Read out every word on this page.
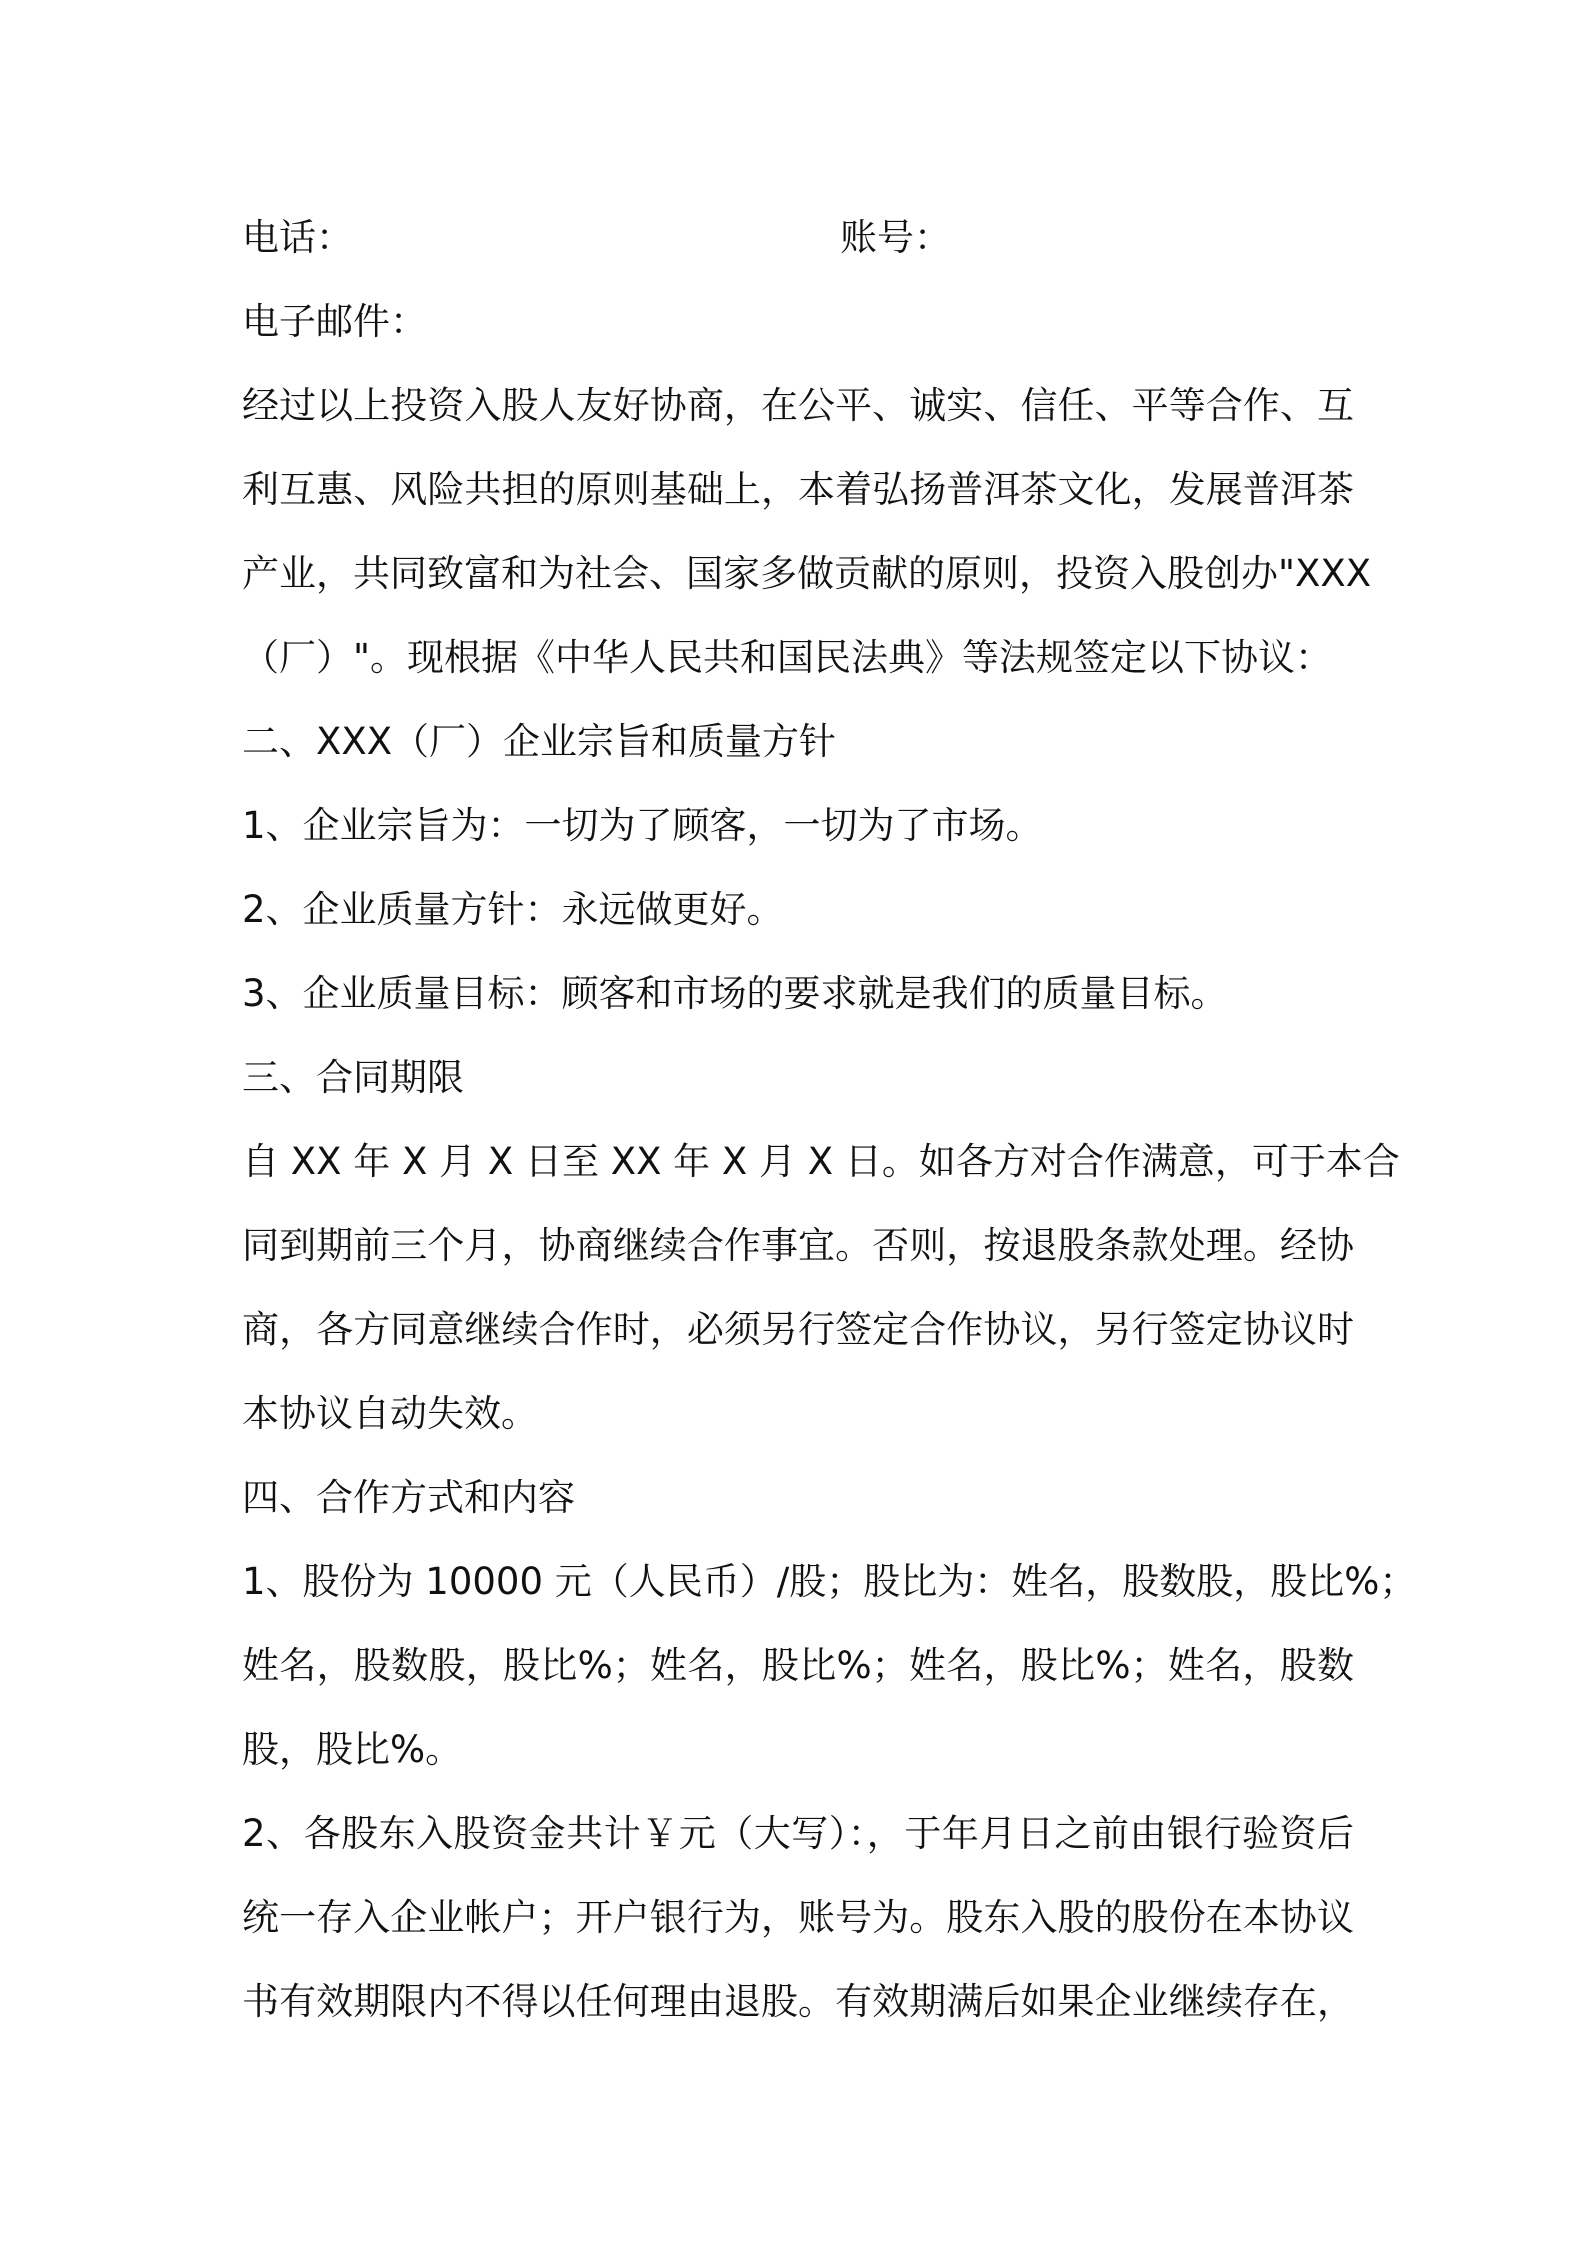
电话：	账号：
电子邮件：
经过以上投资入股人友好协商，在公平、诚实、信任、平等合作、互
利互惠、风险共担的原则基础上，本着弘扬普洱茶文化，发展普洱茶
产业，共同致富和为社会、国家多做贡献的原则，投资入股创办"XXX
（厂）"。现根据《中华人民共和国民法典》等法规签定以下协议：
二、XXX（厂）企业宗旨和质量方针
1、企业宗旨为：一切为了顾客，一切为了市场。
2、企业质量方针：永远做更好。
3、企业质量目标：顾客和市场的要求就是我们的质量目标。
三、合同期限
自 XX 年 X 月 X 日至 XX 年 X 月 X 日。如各方对合作满意，可于本合
同到期前三个月，协商继续合作事宜。否则，按退股条款处理。经协
商，各方同意继续合作时，必须另行签定合作协议，另行签定协议时
本协议自动失效。
四、合作方式和内容
1、股份为 10000 元（人民币）/股；股比为：姓名，股数股，股比%；
姓名，股数股，股比%；姓名，股比%；姓名，股比%；姓名，股数
股，股比%。
2、各股东入股资金共计￥元（大写）：，于年月日之前由银行验资后
统一存入企业帐户；开户银行为，账号为。股东入股的股份在本协议
书有效期限内不得以任何理由退股。有效期满后如果企业继续存在，
